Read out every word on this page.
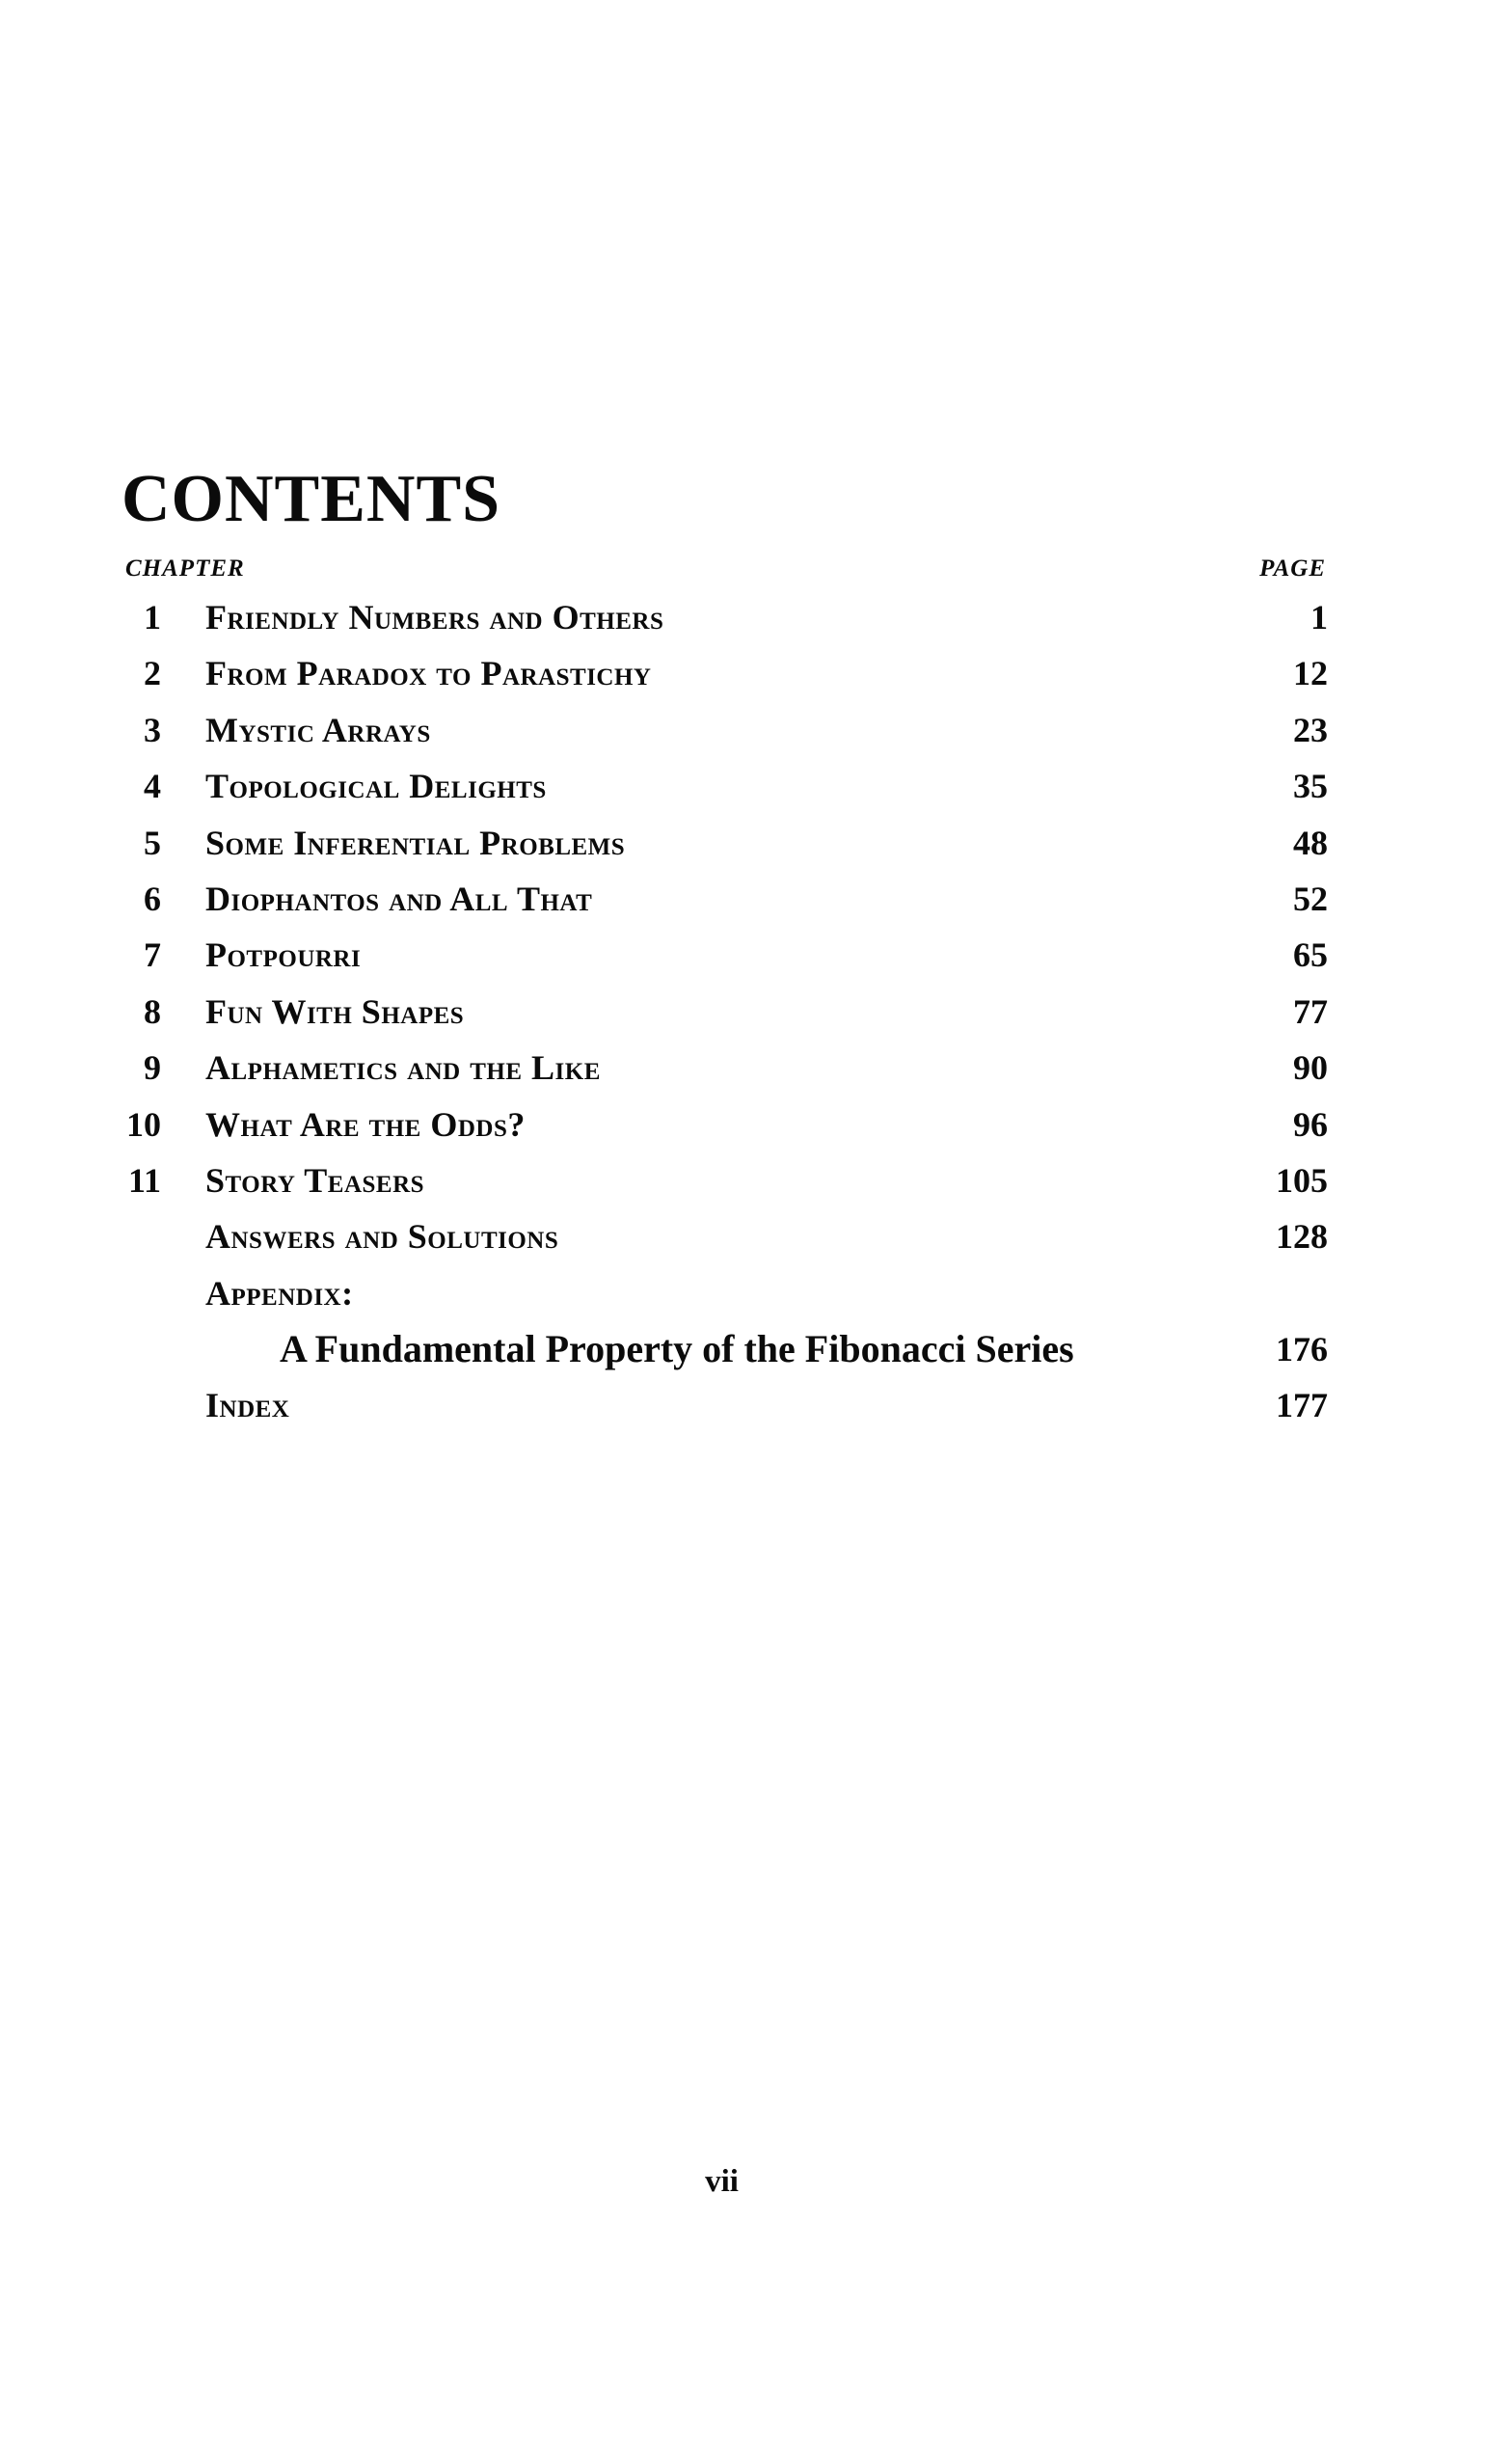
CONTENTS
CHAPTER	PAGE
1 Friendly Numbers and Others	1
2 From Paradox to Parastichy	12
3 Mystic Arrays	23
4 Topological Delights	35
5 Some Inferential Problems	48
6 Diophantos and All That	52
7 Potpourri	65
8 Fun With Shapes	77
9 Alphametics and the Like	90
10 What Are the Odds?	96
11 Story Teasers	105
Answers and Solutions	128
Appendix:
A Fundamental Property of the Fibonacci Series	176
Index	177
vii
